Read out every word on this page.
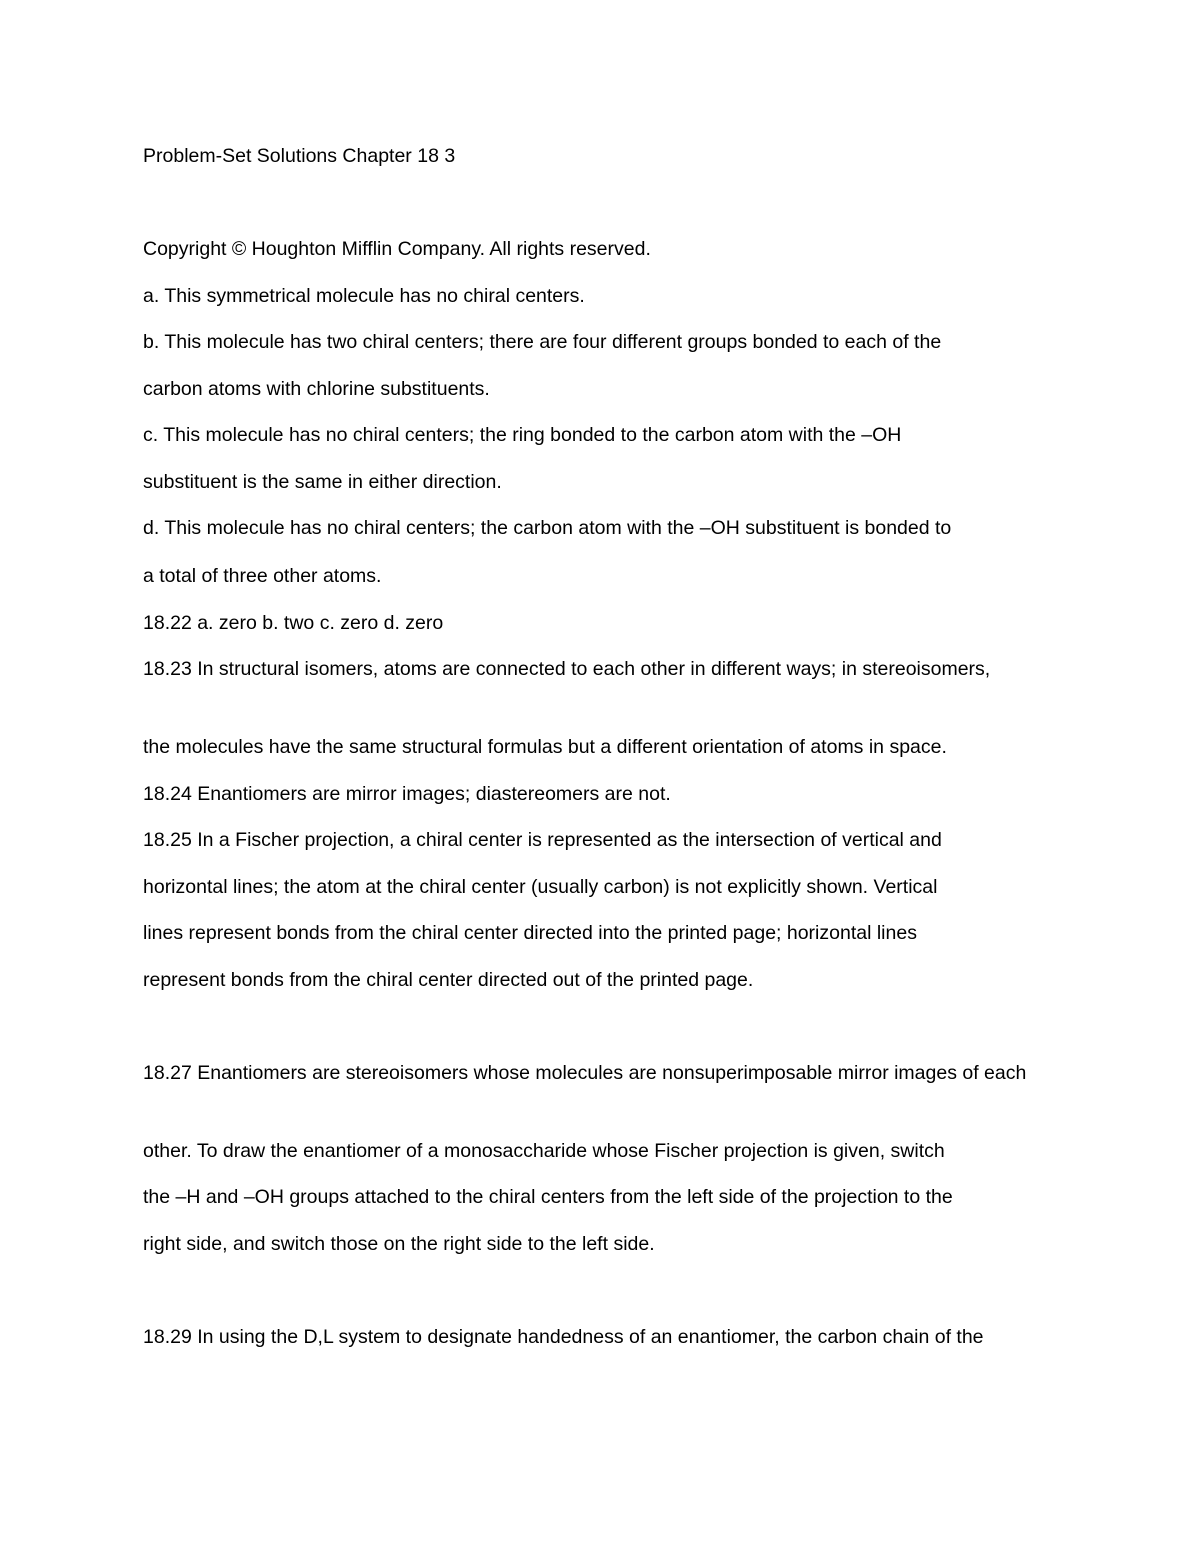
Problem-Set Solutions Chapter 18 3
Copyright © Houghton Mifflin Company. All rights reserved.
a. This symmetrical molecule has no chiral centers.
b. This molecule has two chiral centers; there are four different groups bonded to each of the
carbon atoms with chlorine substituents.
c. This molecule has no chiral centers; the ring bonded to the carbon atom with the –OH
substituent is the same in either direction.
d. This molecule has no chiral centers; the carbon atom with the –OH substituent is bonded to
a total of three other atoms.
18.22 a. zero b. two c. zero d. zero
18.23 In structural isomers, atoms are connected to each other in different ways; in stereoisomers,
the molecules have the same structural formulas but a different orientation of atoms in space.
18.24 Enantiomers are mirror images; diastereomers are not.
18.25 In a Fischer projection, a chiral center is represented as the intersection of vertical and
horizontal lines; the atom at the chiral center (usually carbon) is not explicitly shown. Vertical
lines represent bonds from the chiral center directed into the printed page; horizontal lines
represent bonds from the chiral center directed out of the printed page.
18.27 Enantiomers are stereoisomers whose molecules are nonsuperimposable mirror images of each
other. To draw the enantiomer of a monosaccharide whose Fischer projection is given, switch
the –H and –OH groups attached to the chiral centers from the left side of the projection to the
right side, and switch those on the right side to the left side.
18.29 In using the D,L system to designate handedness of an enantiomer, the carbon chain of the
